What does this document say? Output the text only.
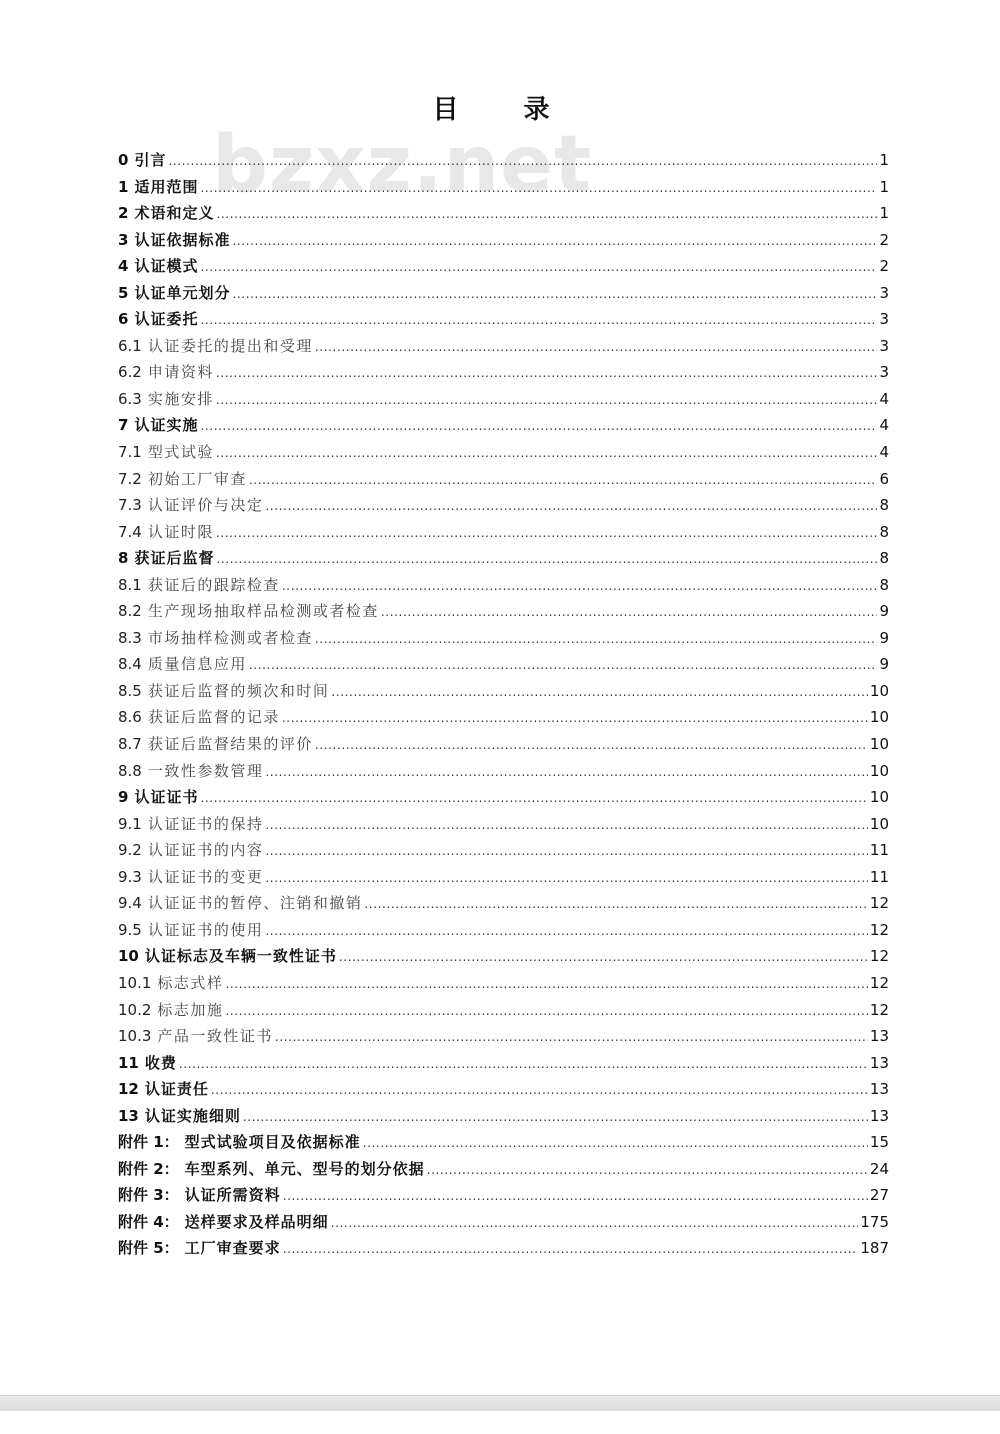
bzxz.net
目 录
0 引言 .....	1
1 适用范围 .....	1
2 术语和定义 .....	1
3 认证依据标准 .....	2
4 认证模式 .....	2
5 认证单元划分 .....	3
6 认证委托 .....	3
6.1 认证委托的提出和受理 .....	3
6.2 申请资料 .....	3
6.3 实施安排 .....	4
7 认证实施 .....	4
7.1 型式试验 .....	4
7.2 初始工厂审查 .....	6
7.3 认证评价与决定 .....	8
7.4 认证时限 .....	8
8 获证后监督 .....	8
8.1 获证后的跟踪检查 .....	8
8.2 生产现场抽取样品检测或者检查 .....	9
8.3 市场抽样检测或者检查 .....	9
8.4 质量信息应用 .....	9
8.5 获证后监督的频次和时间 .....	10
8.6 获证后监督的记录 .....	10
8.7 获证后监督结果的评价 .....	10
8.8 一致性参数管理 .....	10
9 认证证书 .....	10
9.1 认证证书的保持 .....	10
9.2 认证证书的内容 .....	11
9.3 认证证书的变更 .....	11
9.4 认证证书的暂停、注销和撤销 .....	12
9.5 认证证书的使用 .....	12
10 认证标志及车辆一致性证书 .....	12
10.1 标志式样 .....	12
10.2 标志加施 .....	12
10.3 产品一致性证书 .....	13
11 收费 .....	13
12 认证责任 .....	13
13 认证实施细则 .....	13
附件 1： 型式试验项目及依据标准 .....	15
附件 2： 车型系列、单元、型号的划分依据 .....	24
附件 3： 认证所需资料 .....	27
附件 4： 送样要求及样品明细 .....	175
附件 5： 工厂审查要求 .....	187
